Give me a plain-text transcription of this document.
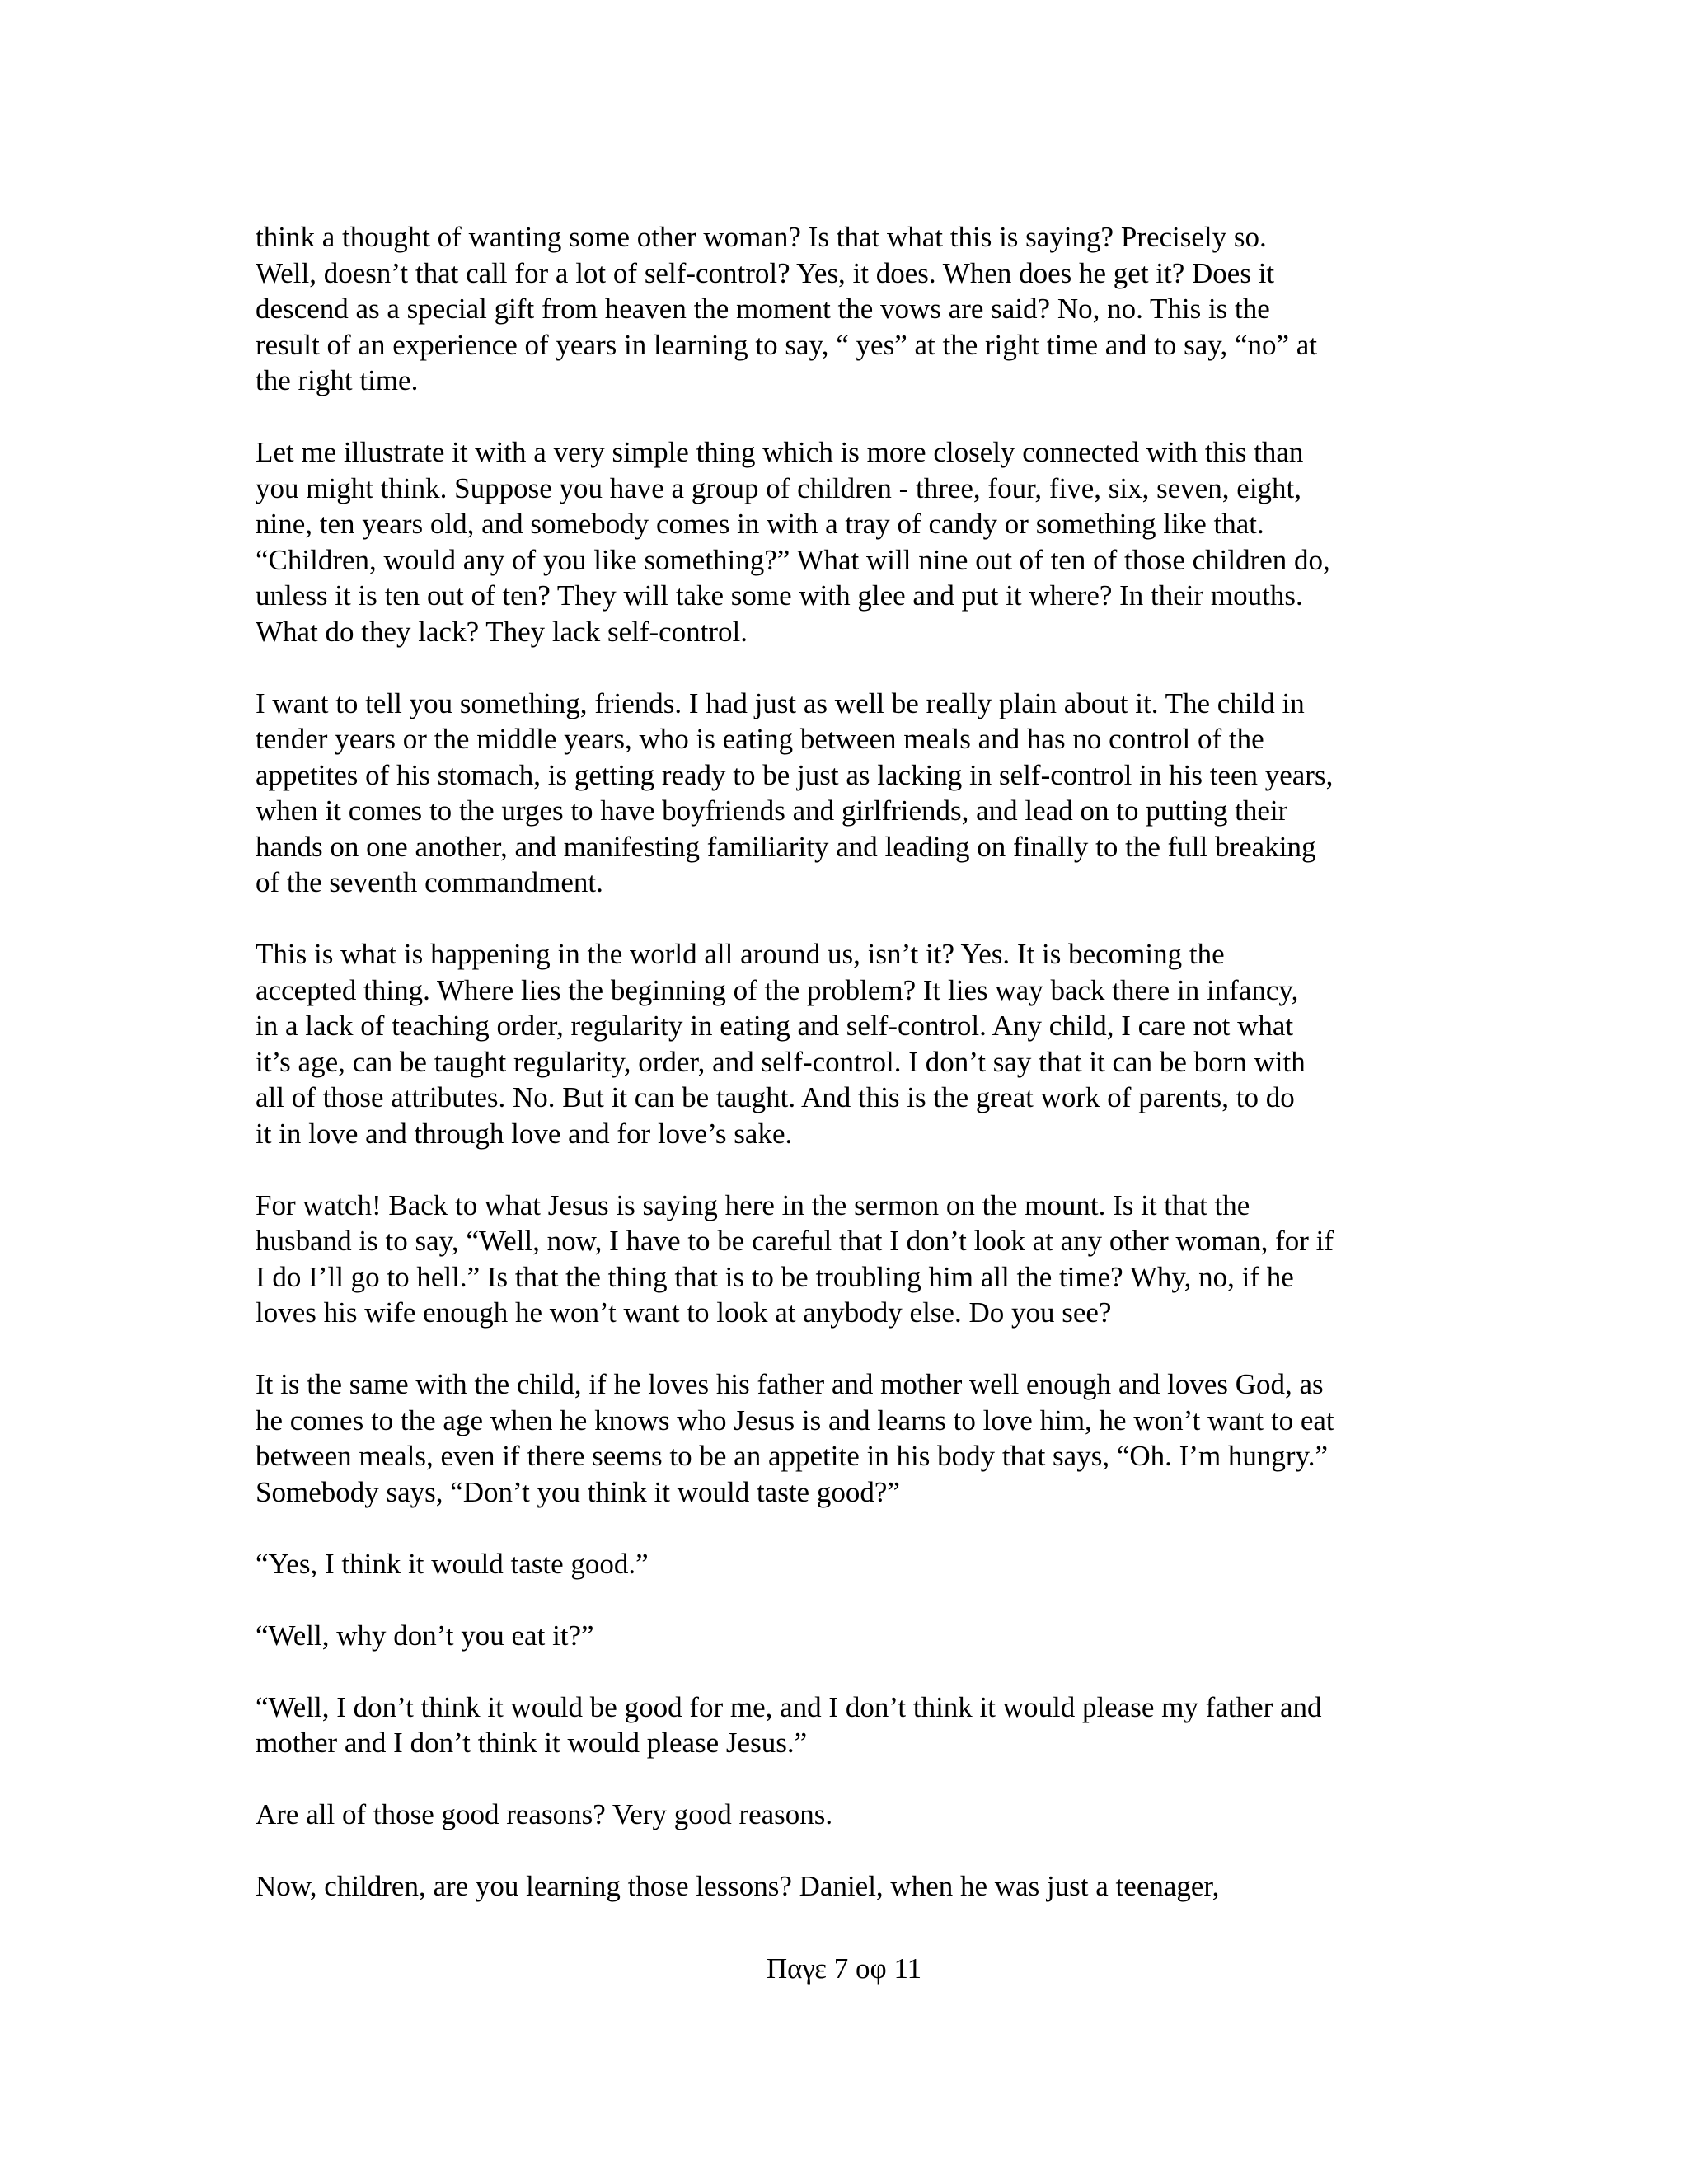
think a thought of wanting some other woman? Is that what this is saying? Precisely so.
Well, doesn’t that call for a lot of self-control? Yes, it does. When does he get it? Does it
descend as a special gift from heaven the moment the vows are said? No, no. This is the
result of an experience of years in learning to say, “ yes” at the right time and to say, “no” at
the right time.

Let me illustrate it with a very simple thing which is more closely connected with this than
you might think. Suppose you have a group of children - three, four, five, six, seven, eight,
nine, ten years old, and somebody comes in with a tray of candy or something like that.
“Children, would any of you like something?” What will nine out of ten of those children do,
unless it is ten out of ten? They will take some with glee and put it where? In their mouths.
What do they lack? They lack self-control.

I want to tell you something, friends. I had just as well be really plain about it. The child in
tender years or the middle years, who is eating between meals and has no control of the
appetites of his stomach, is getting ready to be just as lacking in self-control in his teen years,
when it comes to the urges to have boyfriends and girlfriends, and lead on to putting their
hands on one another, and manifesting familiarity and leading on finally to the full breaking
of the seventh commandment.

This is what is happening in the world all around us, isn’t it? Yes. It is becoming the
accepted thing. Where lies the beginning of the problem? It lies way back there in infancy,
in a lack of teaching order, regularity in eating and self-control. Any child, I care not what
it’s age, can be taught regularity, order, and self-control. I don’t say that it can be born with
all of those attributes. No. But it can be taught. And this is the great work of parents, to do
it in love and through love and for love’s sake.

For watch! Back to what Jesus is saying here in the sermon on the mount. Is it that the
husband is to say, “Well, now, I have to be careful that I don’t look at any other woman, for if
I do I’ll go to hell.” Is that the thing that is to be troubling him all the time? Why, no, if he
loves his wife enough he won’t want to look at anybody else. Do you see?

It is the same with the child, if he loves his father and mother well enough and loves God, as
he comes to the age when he knows who Jesus is and learns to love him, he won’t want to eat
between meals, even if there seems to be an appetite in his body that says, “Oh. I’m hungry.”
Somebody says, “Don’t you think it would taste good?”

“Yes, I think it would taste good.”

“Well, why don’t you eat it?”

“Well, I don’t think it would be good for me, and I don’t think it would please my father and
mother and I don’t think it would please Jesus.”

Are all of those good reasons? Very good reasons.

Now, children, are you learning those lessons? Daniel, when he was just a teenager,

Παγε 7 οφ 11
